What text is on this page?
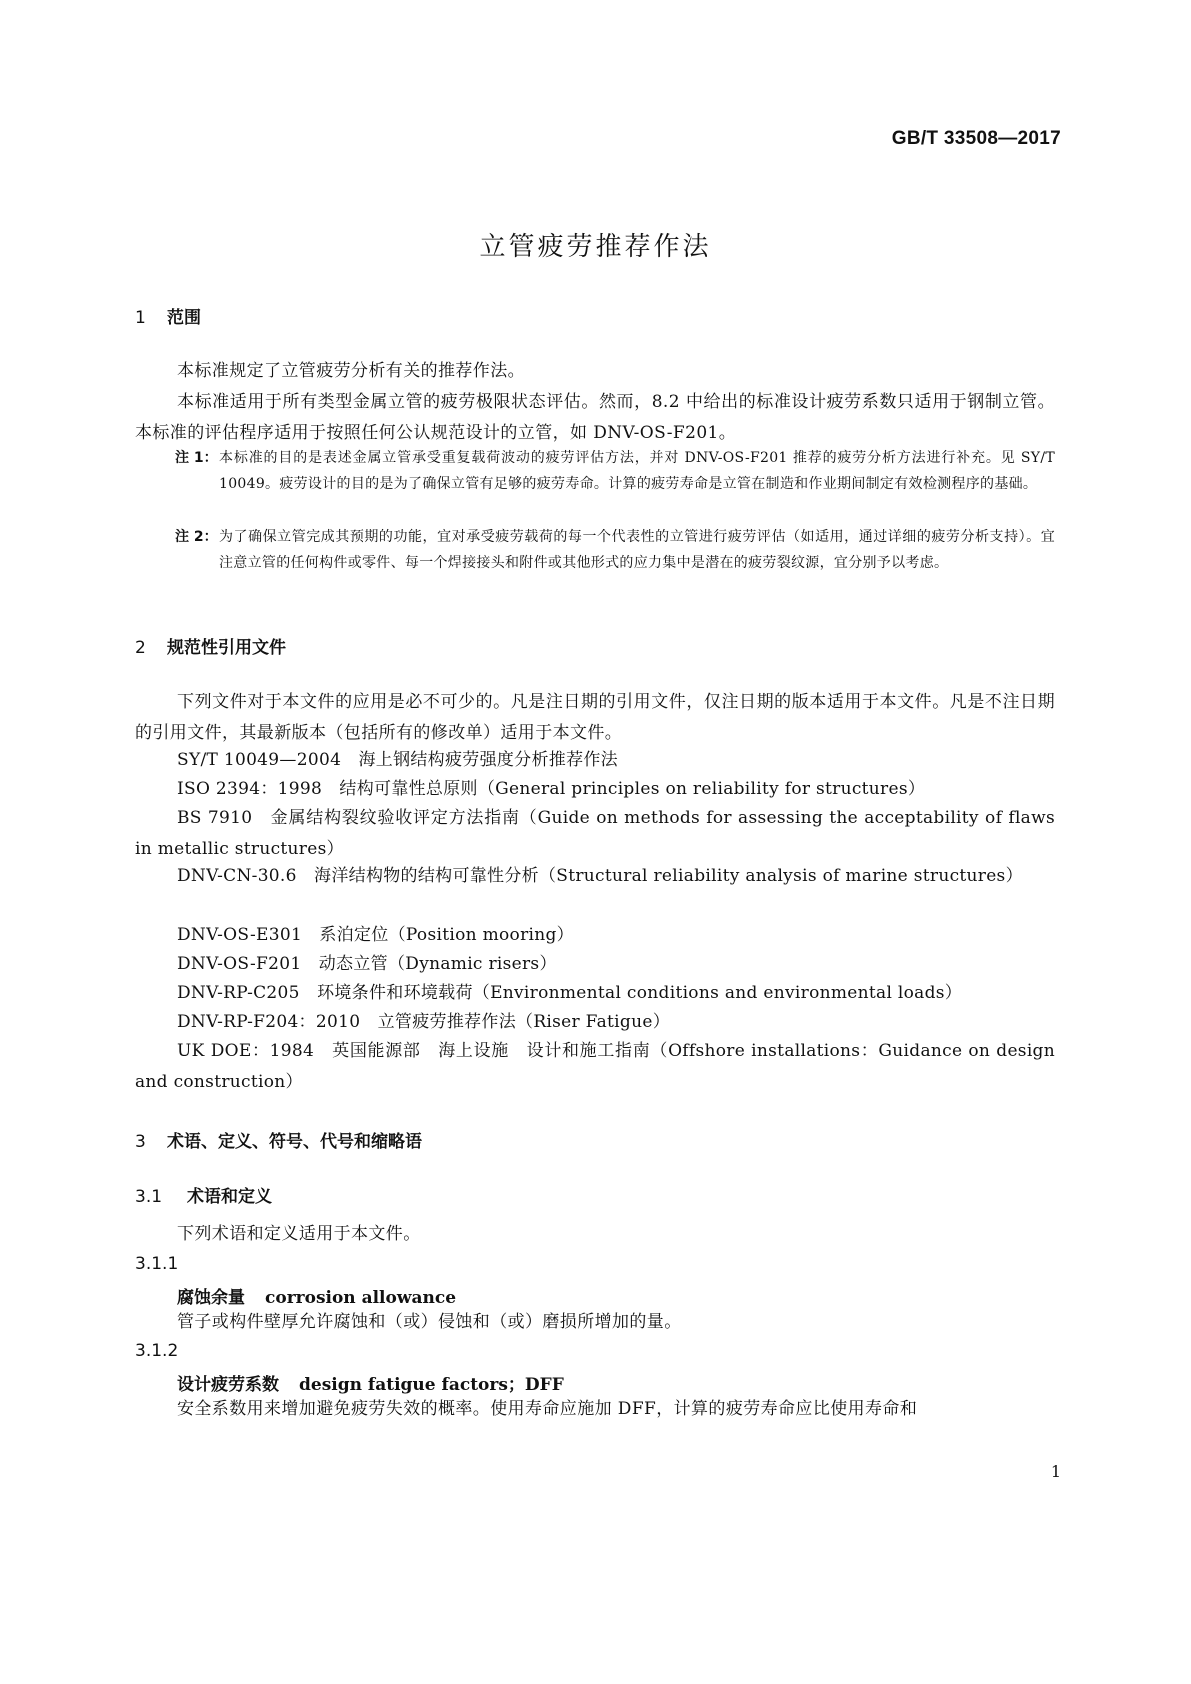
GB/T 33508—2017
立管疲劳推荐作法
1 范围
本标准规定了立管疲劳分析有关的推荐作法。
本标准适用于所有类型金属立管的疲劳极限状态评估。然而，8.2 中给出的标准设计疲劳系数只适用于钢制立管。本标准的评估程序适用于按照任何公认规范设计的立管，如 DNV-OS-F201。
注 1： 本标准的目的是表述金属立管承受重复载荷波动的疲劳评估方法，并对 DNV-OS-F201 推荐的疲劳分析方法进行补充。见 SY/T 10049。疲劳设计的目的是为了确保立管有足够的疲劳寿命。计算的疲劳寿命是立管在制造和作业期间制定有效检测程序的基础。
注 2： 为了确保立管完成其预期的功能，宜对承受疲劳载荷的每一个代表性的立管进行疲劳评估（如适用，通过详细的疲劳分析支持）。宜注意立管的任何构件或零件、每一个焊接接头和附件或其他形式的应力集中是潜在的疲劳裂纹源，宜分别予以考虑。
2 规范性引用文件
下列文件对于本文件的应用是必不可少的。凡是注日期的引用文件，仅注日期的版本适用于本文件。凡是不注日期的引用文件，其最新版本（包括所有的修改单）适用于本文件。
SY/T 10049—2004　海上钢结构疲劳强度分析推荐作法
ISO 2394：1998　结构可靠性总原则（General principles on reliability for structures）
BS 7910　金属结构裂纹验收评定方法指南（Guide on methods for assessing the acceptability of flaws in metallic structures）
DNV-CN-30.6　海洋结构物的结构可靠性分析（Structural reliability analysis of marine structures）
DNV-OS-E301　系泊定位（Position mooring）
DNV-OS-F201　动态立管（Dynamic risers）
DNV-RP-C205　环境条件和环境载荷（Environmental conditions and environmental loads）
DNV-RP-F204：2010　立管疲劳推荐作法（Riser Fatigue）
UK DOE：1984　英国能源部　海上设施　设计和施工指南（Offshore installations：Guidance on design and construction）
3 术语、定义、符号、代号和缩略语
3.1 术语和定义
下列术语和定义适用于本文件。
3.1.1
腐蚀余量 corrosion allowance
管子或构件壁厚允许腐蚀和（或）侵蚀和（或）磨损所增加的量。
3.1.2
设计疲劳系数 design fatigue factors；DFF
安全系数用来增加避免疲劳失效的概率。使用寿命应施加 DFF，计算的疲劳寿命应比使用寿命和
1
